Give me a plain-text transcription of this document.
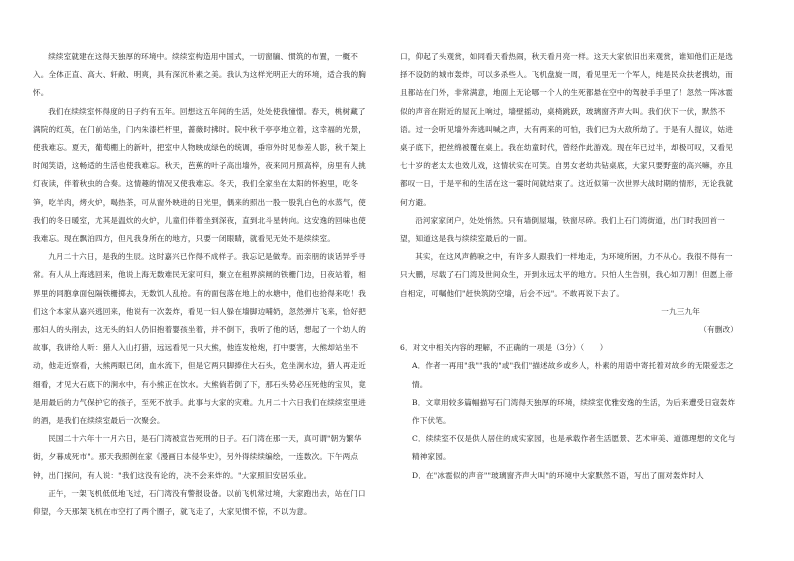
续续室就建在这得天独厚的环境中。续续室构造用中国式，一切窗牖、惯筑的布置，一概不入。全体正直、高大、轩敞、明爽，具有深沉朴素之美。我认为这样光明正大的环境，适合我的胸怀。

我们在续续室怀得度的日子约有五年。回想这五年间的生活，处处使我憧憬。春天，桃树藏了满院的红英，在门前站坐，门内朱漆栏杆里，蔷薇时拂时。院中秋千亭亭地立着，这幸福的光景，使我难忘。夏天，葡萄棚上的新叶，把室中人物映成绿色的统调，垂帘外时见参差人影，秋千架上时闻笑语，这畅适的生活也使我难忘。秋天，芭蕉的叶子高出墙外，夜来同月照高梓，房里有人挑灯夜读，伴着秋虫的合奏。这情趣的情况又使我难忘。冬天，我们全家坐在太阳的怀抱里，吃冬笋，吃羊肉，烤火炉，喝热茶，可从窗外映进的日光里，偶来的照出一股一股乳白色的水蒸气，使我们的冬日暖室，尤其是温炊的火炉，儿童们伴着坐到深夜，直到北斗星转向。这安逸的回味也使我难忘。现在飘泊四方，但凡我身所在的地方，只要一闭眼睛，就看见无处不是续续室。

九月二十六日，是我的生辰。这时嘉兴已作得不成样子。我忘记是做寿。而亲朋的谈话异乎寻常。有人从上海逃回来，他说上海无数难民无家可归，聚立在租界滨闸的铁栅门边，日夜站着，相界里的同胞拿面包隔铁栅掷去，无数饥人乱抢。有的面包落在地上的水塘中，他们也拾得来吃！我们这个本家从嘉兴逃回来，他说有一次轰炸，看见一妇人躲在墙脚边哺奶，忽然弹片飞来，恰好把那妇人的头削去，这无头的妇人仍旧抱着婴孩坐着，并不倒下，我听了他的话，想起了一个幼人的故事，我讲给人听：猎人入山打猎，远远看见一只大熊，他连发枪炮，打中要害，大熊却站坐不动，他走近察看，大熊两眼已闭，血水流下，但是它两只脚捧住大石头，危坐涧水边，猎人再走近细看，才见大石底下的涧水中，有小熊正在饮水。大熊倘若倒了下，那石头势必压死他的宝贝，竟是用最后的力气保护它的孩子，至死不放手。此事与大家的灾难。九月二十六日我们在续续室里进的酒，是我们在续续室最后一次聚会。

民国二十六年十一月六日，是石门湾被宣告死刑的日子。石门湾在那一天，真可谓"朝为繁华街，夕暮成死市"。那天我照例在家《漫画日本侵华史》，另外得续续编绘，一连数次。下午两点钟，出门探问，有人说："我们这没有论的，决不会来炸的。"大家照旧安居乐业。

正午，一架飞机低低地飞过，石门湾没有警报设备。以前飞机常过境，大家跑出去，站在门口仰望，今天那架飞机在市空打了两个圈子，就飞走了，大家见惯不惊，不以为意。

口，仰起了头观赏，如同看天看热闹，秋天看月亮一样。这天大家依旧出来观赏，谁知他们正是选择不设防的城市轰炸，可以多杀些人。飞机盘旋一周，看见里无一个军人，纯是民众扶老携幼，而且都站在门外，非常满意，地面上无论哪一个人的生死都悬在空中的驾驶手手里了！忽然一阵冰雹似的声音在附近的屋瓦上响过，墙壁摇动，桌椅跳跃，玻璃窗齐声大叫。我们伏下一伏，默然不语。过一会听见墙外奔逃叫喊之声，大有两来的可怕，我们已为大敌所劫了。于是有人提议，姑进桌子底下，把丝绵被覆在桌上。我在幼童时代，曾经作此游戏。现在年已过半，却极可叹，又看见七十岁的老太太也效儿戏，这情状实在可笑。自男女老幼共钻桌底，大家只要野蛮的高兴嘛，亦且都叹一日，于是平和的生活在这一霎时间就结束了。这近似第一次世界大战时期的情形，无论我就何方避。

沿河家家闭户，处处悄然。只有墙倒屋塌，铁窗尽碎。我们上石门湾街道，出门时我回首一望，知道这是我与续续室最后的一面。

其实，在这风声鹤唳之中，有许多人跟我们一样地走，为环境所困，力不从心。我很不得有一只大鹏，尽载了石门湾及世间众生，开到永远太平的地方。只怕人生告别，我心如刀割！但愿上帝自相定，可嘱他们"赶快筑防空墙，后会不远"。不敢再说下去了。

一九三九年

（有删改）

6．对文中相关内容的理解，不正确的一项是（3分）（　　）

A．作者一再用"我""我的"或"我们"描述故乡或乡人，朴素的用语中寄托着对故乡的无限爱恋之情。

B．文章用较多篇幅描写石门湾得天独厚的环境，续续室优雅安逸的生活，为后来遭受日寇轰炸作下伏笔。

C．续续室不仅是供人居住的成实家园，也是承载作者生活愿景、艺术审美、道德理想的文化与精神家园。

D．在"冰雹似的声音""玻璃窗齐声大叫"的环境中大家默然不语，写出了面对轰炸时人
